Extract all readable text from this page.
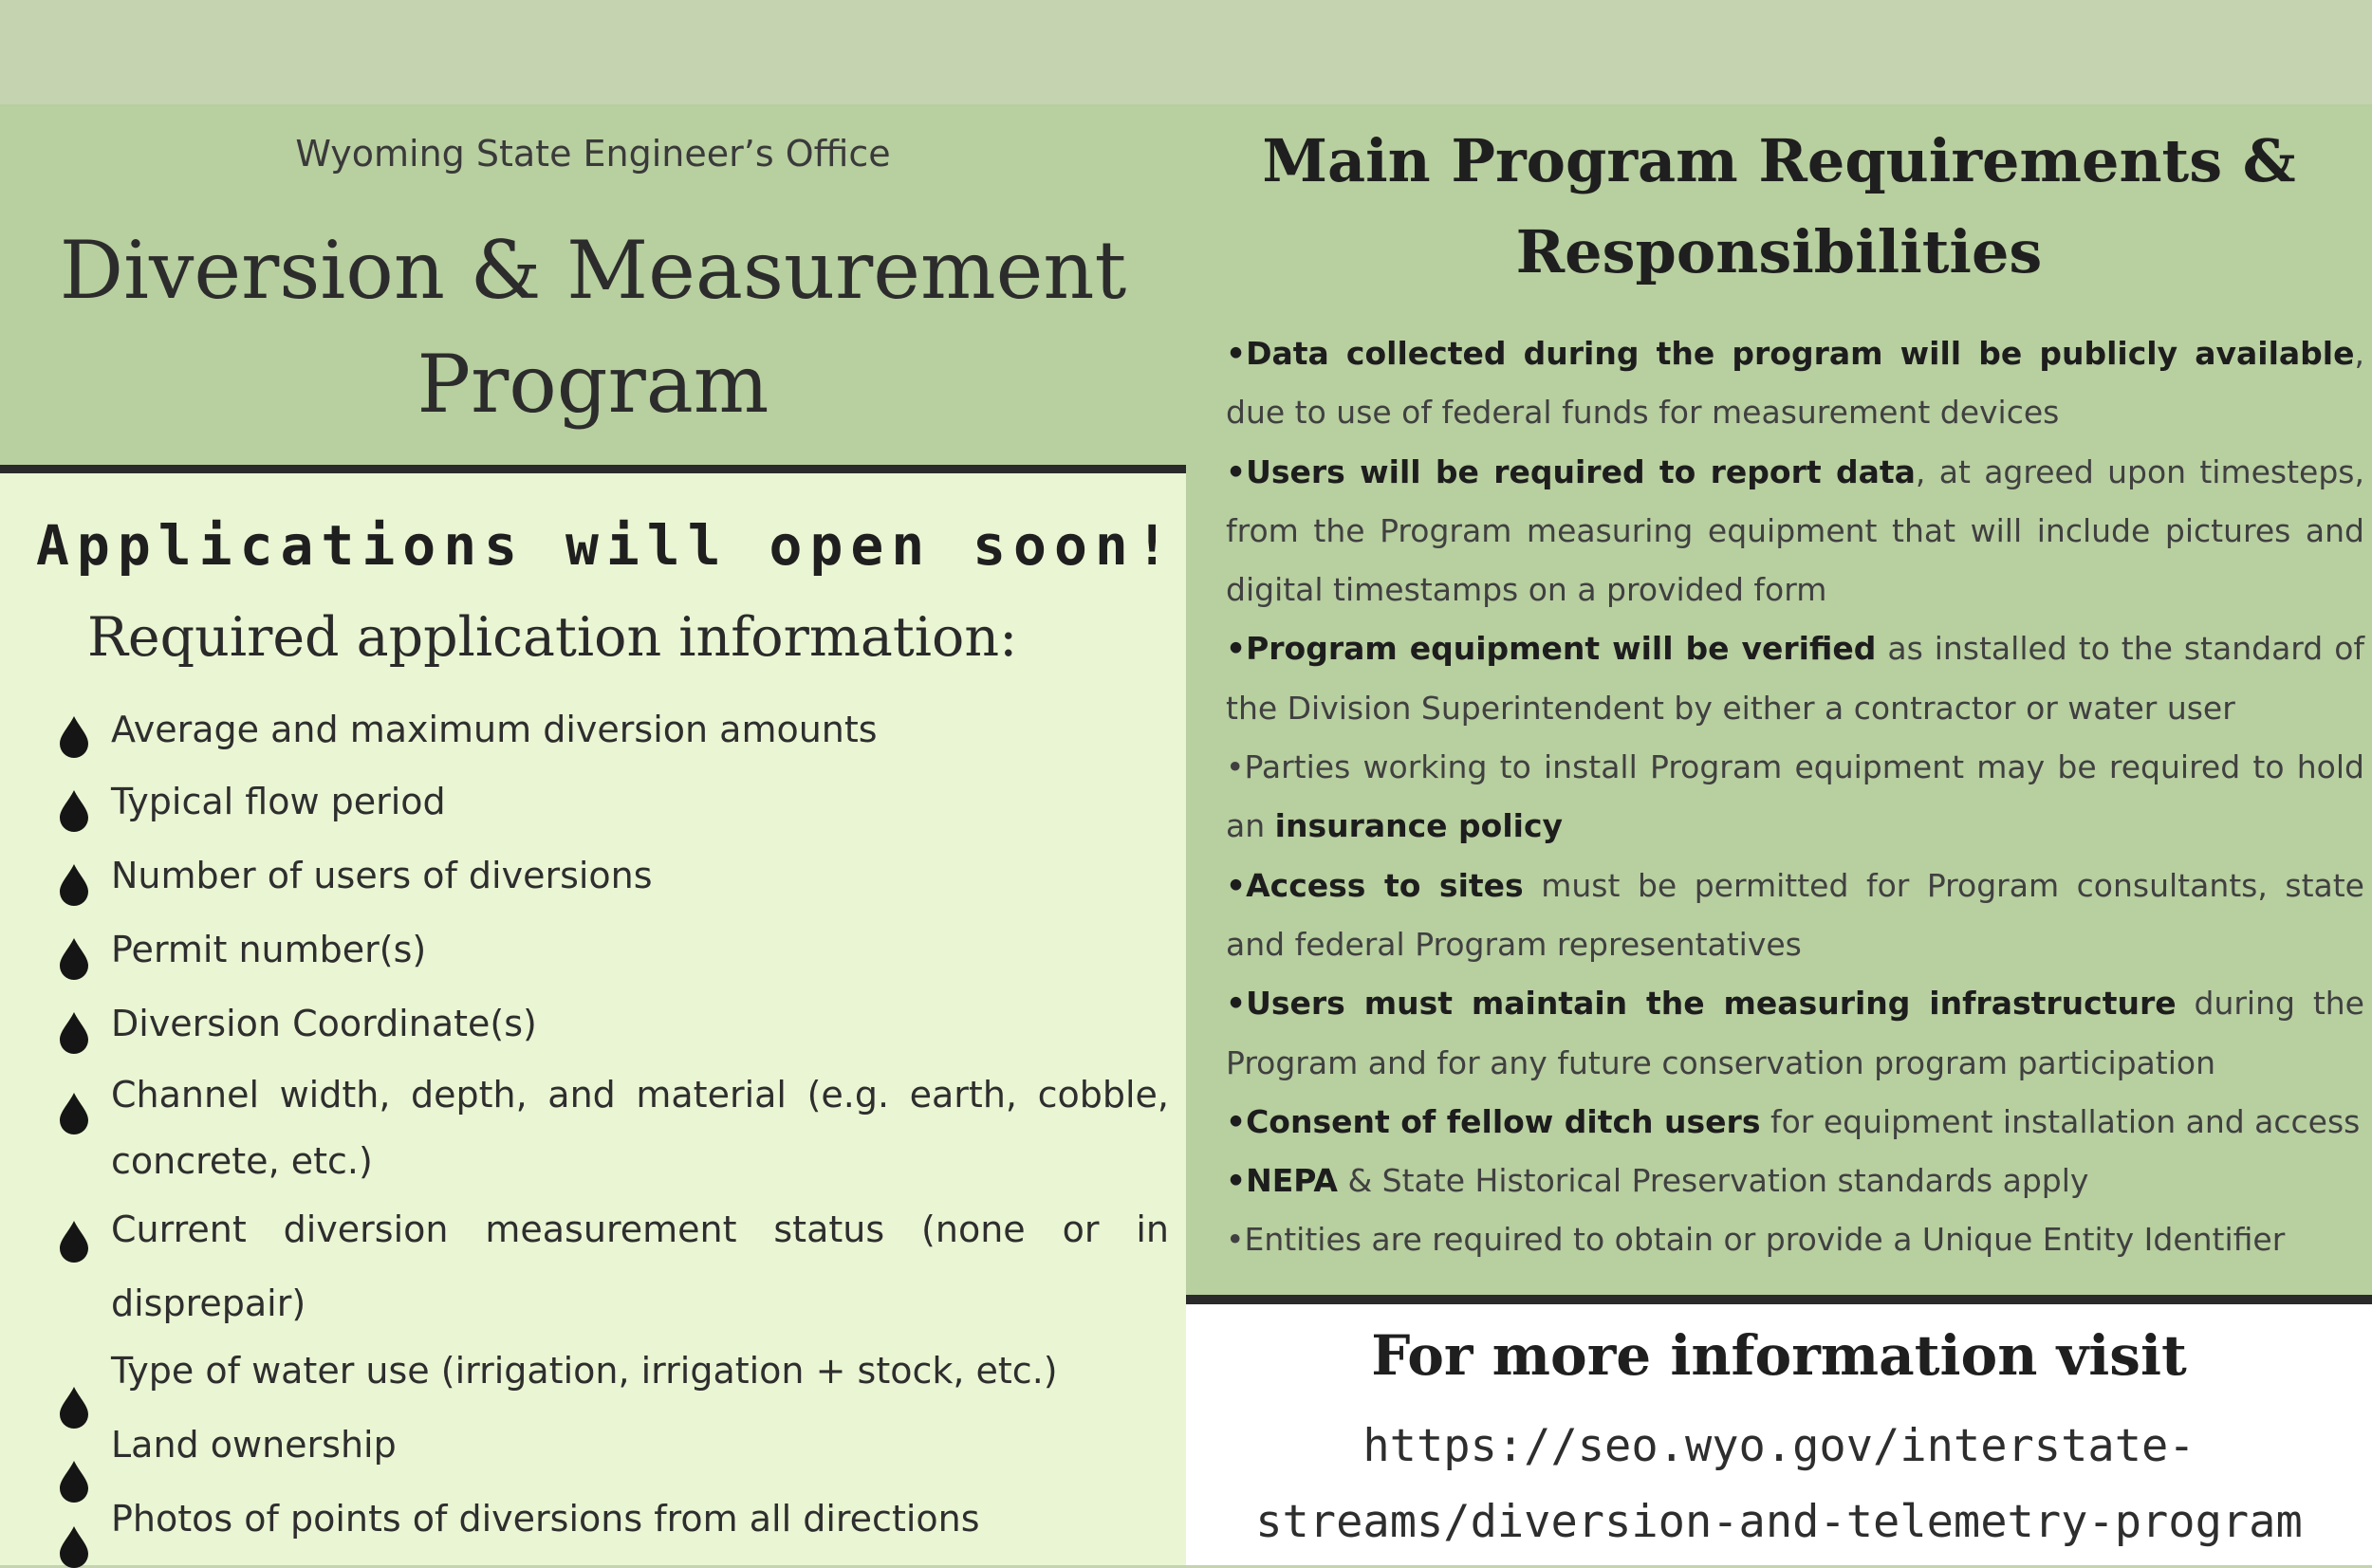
Wyoming State Engineer’s Office
Diversion & Measurement
Program
Applications will open soon!
Required application information:
Average and maximum diversion amounts
Typical flow period
Number of users of diversions
Permit number(s)
Diversion Coordinate(s)
Channel width, depth, and material (e.g. earth, cobble, concrete, etc.)
Current diversion measurement status (none or in disprepair)
Type of water use (irrigation, irrigation + stock, etc.)
Land ownership
Photos of points of diversions from all directions
Main Program Requirements &
Responsibilities

•Data collected during the program will be publicly available, due to use of federal funds for measurement devices

•Users will be required to report data, at agreed upon timesteps, from the Program measuring equipment that will include pictures and digital timestamps on a provided form

•Program equipment will be verified as installed to the standard of the Division Superintendent by either a contractor or water user

•Parties working to install Program equipment may be required to hold an insurance policy

•Access to sites must be permitted for Program consultants, state and federal Program representatives

•Users must maintain the measuring infrastructure during the Program and for any future conservation program participation

•Consent of fellow ditch users for equipment installation and access

•NEPA & State Historical Preservation standards apply

•Entities are required to obtain or provide a Unique Entity Identifier

For more information visit
https://seo.wyo.gov/interstate-
streams/diversion-and-telemetry-program
